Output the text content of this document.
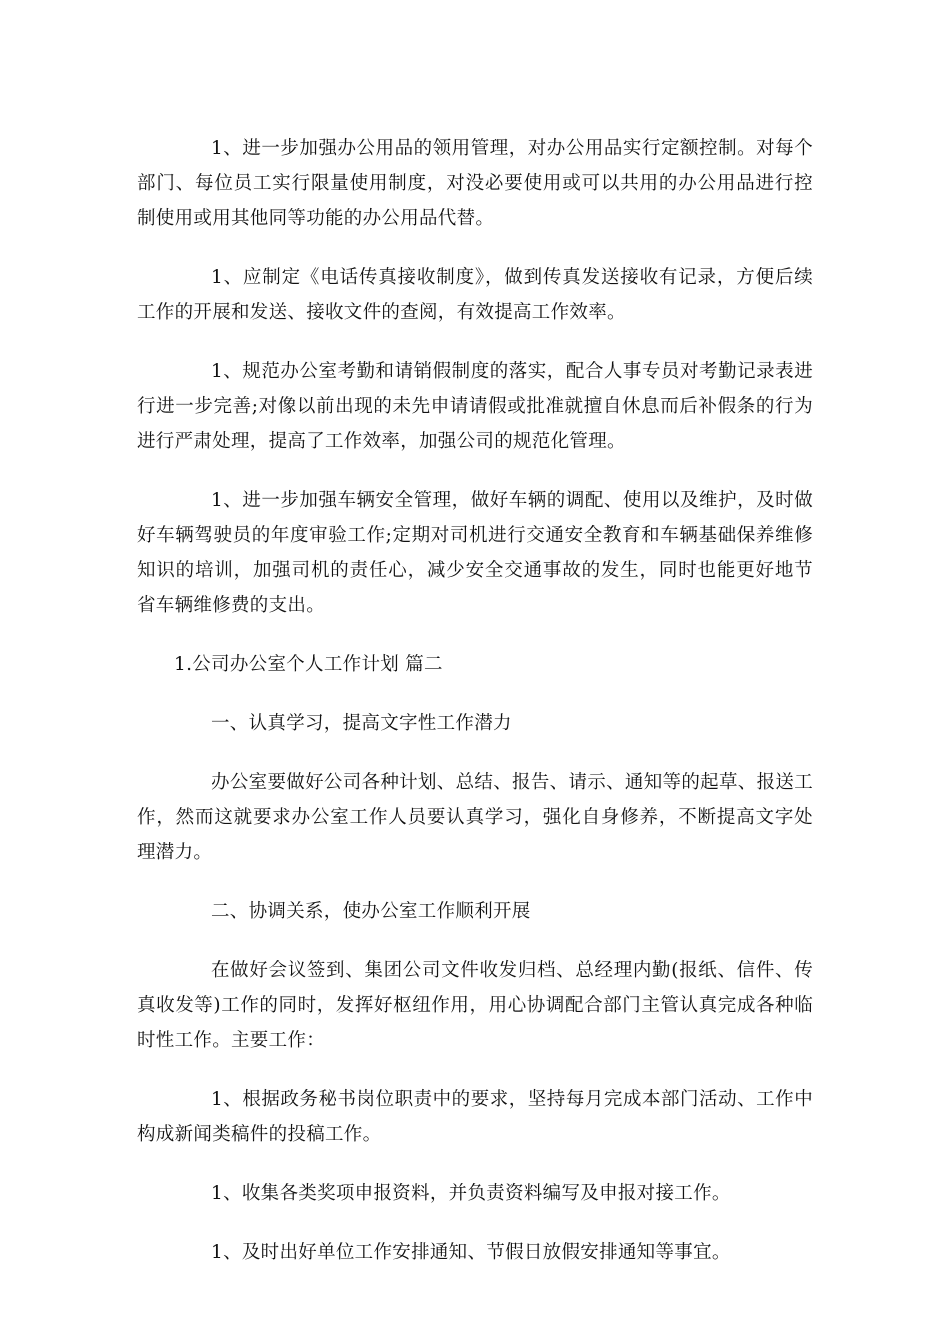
1、进一步加强办公用品的领用管理，对办公用品实行定额控制。对每个部门、每位员工实行限量使用制度，对没必要使用或可以共用的办公用品进行控制使用或用其他同等功能的办公用品代替。

1、应制定《电话传真接收制度》，做到传真发送接收有记录，方便后续工作的开展和发送、接收文件的查阅，有效提高工作效率。

1、规范办公室考勤和请销假制度的落实，配合人事专员对考勤记录表进行进一步完善;对像以前出现的未先申请请假或批准就擅自休息而后补假条的行为进行严肃处理，提高了工作效率，加强公司的规范化管理。

1、进一步加强车辆安全管理，做好车辆的调配、使用以及维护，及时做好车辆驾驶员的年度审验工作;定期对司机进行交通安全教育和车辆基础保养维修知识的培训，加强司机的责任心，减少安全交通事故的发生，同时也能更好地节省车辆维修费的支出。

1.公司办公室个人工作计划 篇二

一、认真学习，提高文字性工作潜力

办公室要做好公司各种计划、总结、报告、请示、通知等的起草、报送工作，然而这就要求办公室工作人员要认真学习，强化自身修养，不断提高文字处理潜力。

二、协调关系，使办公室工作顺利开展

在做好会议签到、集团公司文件收发归档、总经理内勤(报纸、信件、传真收发等)工作的同时，发挥好枢纽作用，用心协调配合部门主管认真完成各种临时性工作。主要工作：

1、根据政务秘书岗位职责中的要求，坚持每月完成本部门活动、工作中构成新闻类稿件的投稿工作。

1、收集各类奖项申报资料，并负责资料编写及申报对接工作。

1、及时出好单位工作安排通知、节假日放假安排通知等事宜。
